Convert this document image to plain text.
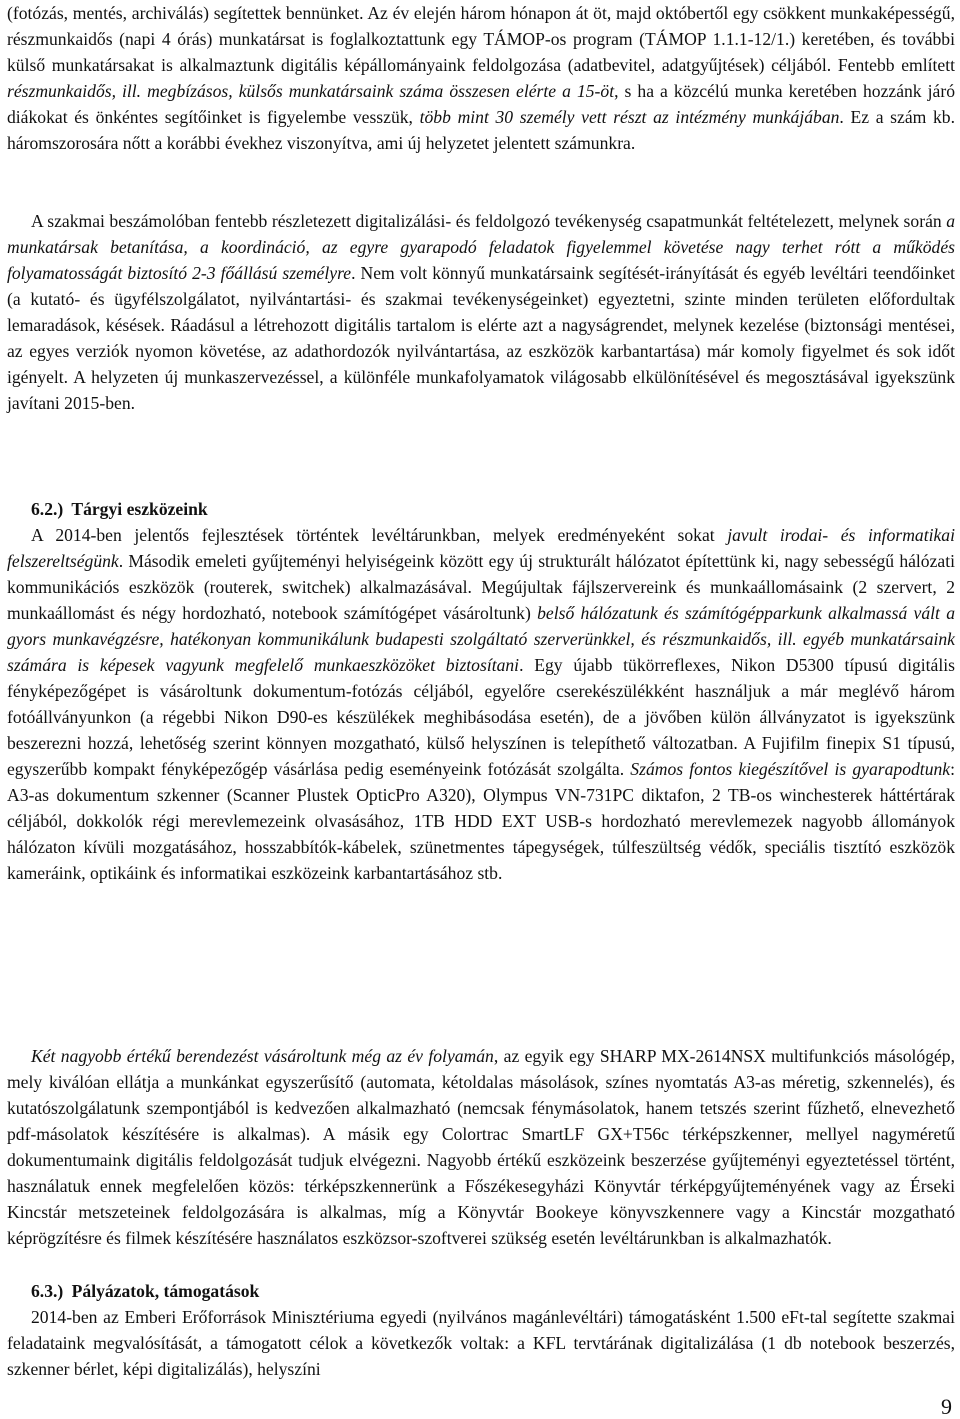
(fotózás, mentés, archiválás) segítettek bennünket. Az év elején három hónapon át öt, majd októbertől egy csökkent munkaképességű, részmunkaidős (napi 4 órás) munkatársat is foglalkoztattunk egy TÁMOP-os program (TÁMOP 1.1.1-12/1.) keretében, és további külső munkatársakat is alkalmaztunk digitális képállományaink feldolgozása (adatbevitel, adatgyűjtések) céljából. Fentebb említett részmunkaidős, ill. megbízásos, külsős munkatársaink száma összesen elérte a 15-öt, s ha a közcélú munka keretében hozzánk járó diákokat és önkéntes segítőinket is figyelembe vesszük, több mint 30 személy vett részt az intézmény munkájában. Ez a szám kb. háromszorosára nőtt a korábbi évekhez viszonyítva, ami új helyzetet jelentett számunkra.

A szakmai beszámolóban fentebb részletezett digitalizálási- és feldolgozó tevékenység csapatmunkát feltételezett, melynek során a munkatársak betanítása, a koordináció, az egyre gyarapodó feladatok figyelemmel követése nagy terhet rótt a működés folyamatosságát biztosító 2-3 főállású személyre. Nem volt könnyű munkatársaink segítését-irányítását és egyéb levéltári teendőinket (a kutató- és ügyfélszolgálatot, nyilvántartási- és szakmai tevékenységeinket) egyeztetni, szinte minden területen előfordultak lemaradások, késések. Ráadásul a létrehozott digitális tartalom is elérte azt a nagyságrendet, melynek kezelése (biztonsági mentései, az egyes verziók nyomon követése, az adathordozók nyilvántartása, az eszközök karbantartása) már komoly figyelmet és sok időt igényelt. A helyzeten új munkaszervezéssel, a különféle munkafolyamatok világosabb elkülönítésével és megosztásával igyekszünk javítani 2015-ben.

6.2.) Tárgyi eszközeink

A 2014-ben jelentős fejlesztések történtek levéltárunkban, melyek eredményeként sokat javult irodai- és informatikai felszereltségünk. Második emeleti gyűjteményi helyiségeink között egy új strukturált hálózatot építettünk ki, nagy sebességű hálózati kommunikációs eszközök (routerek, switchek) alkalmazásával. Megújultak fájlszervereink és munkaállomásaink (2 szervert, 2 munkaállomást és négy hordozható, notebook számítógépet vásároltunk) belső hálózatunk és számítógépparkunk alkalmassá vált a gyors munkavégzésre, hatékonyan kommunikálunk budapesti szolgáltató szerverünkkel, és részmunkaidős, ill. egyéb munkatársaink számára is képesek vagyunk megfelelő munkaeszközöket biztosítani. Egy újabb tükörreflexes, Nikon D5300 típusú digitális fényképezőgépet is vásároltunk dokumentum-fotózás céljából, egyelőre cserekészülékként használjuk a már meglévő három fotóállványunkon (a régebbi Nikon D90-es készülékek meghibásodása esetén), de a jövőben külön állványzatot is igyekszünk beszerezni hozzá, lehetőség szerint könnyen mozgatható, külső helyszínen is telepíthető változatban. A Fujifilm finepix S1 típusú, egyszerűbb kompakt fényképezőgép vásárlása pedig eseményeink fotózását szolgálta. Számos fontos kiegészítővel is gyarapodtunk: A3-as dokumentum szkenner (Scanner Plustek OpticPro A320), Olympus VN-731PC diktafon, 2 TB-os winchesterek háttértárak céljából, dokkolók régi merevlemezeink olvasásához, 1TB HDD EXT USB-s hordozható merevlemezek nagyobb állományok hálózaton kívüli mozgatásához, hosszabbítók-kábelek, szünetmentes tápegységek, túlfeszültség védők, speciális tisztító eszközök kameráink, optikáink és informatikai eszközeink karbantartásához stb.

Két nagyobb értékű berendezést vásároltunk még az év folyamán, az egyik egy SHARP MX-2614NSX multifunkciós másológép, mely kiválóan ellátja a munkánkat egyszerűsítő (automata, kétoldalas másolások, színes nyomtatás A3-as méretig, szkennelés), és kutatószolgálatunk szempontjából is kedvezően alkalmazható (nemcsak fénymásolatok, hanem tetszés szerint fűzhető, elnevezhető pdf-másolatok készítésére is alkalmas). A másik egy Colortrac SmartLF GX+T56c térképszkenner, mellyel nagyméretű dokumentumaink digitális feldolgozását tudjuk elvégezni. Nagyobb értékű eszközeink beszerzése gyűjteményi egyeztetéssel történt, használatuk ennek megfelelően közös: térképszkennerünk a Főszékesegyházi Könyvtár térképgyűjteményének vagy az Érseki Kincstár metszeteinek feldolgozására is alkalmas, míg a Könyvtár Bookeye könyvszkennere vagy a Kincstár mozgatható képrögzítésre és filmek készítésére használatos eszközsor-szoftverei szükség esetén levéltárunkban is alkalmazhatók.

6.3.) Pályázatok, támogatások

2014-ben az Emberi Erőforrások Minisztériuma egyedi (nyilvános magánlevéltári) támogatásként 1.500 eFt-tal segítette szakmai feladataink megvalósítását, a támogatott célok a következők voltak: a KFL tervtárának digitalizálása (1 db notebook beszerzés, szkenner bérlet, képi digitalizálás), helyszíni

9
